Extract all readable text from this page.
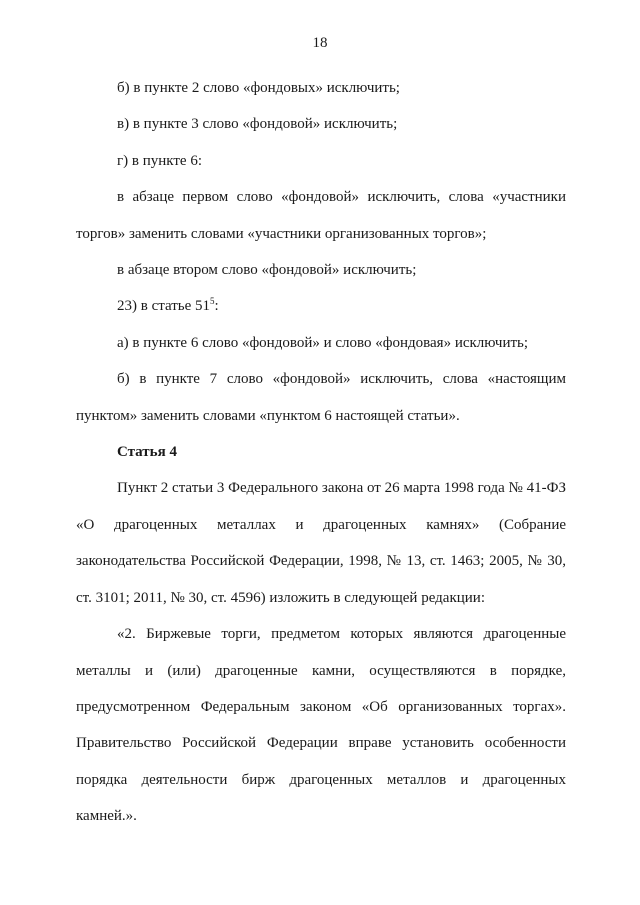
18

б) в пункте 2 слово «фондовых» исключить;

в) в пункте 3 слово «фондовой» исключить;

г) в пункте 6:

в абзаце первом слово «фондовой» исключить, слова «участники торгов» заменить словами «участники организованных торгов»;

в абзаце втором слово «фондовой» исключить;

23) в статье $51^5$:

а) в пункте 6 слово «фондовой» и слово «фондовая» исключить;

б) в пункте 7 слово «фондовой» исключить, слова «настоящим пунктом» заменить словами «пунктом 6 настоящей статьи».

Статья 4

Пункт 2 статьи 3 Федерального закона от 26 марта 1998 года № 41-ФЗ «О драгоценных металлах и драгоценных камнях» (Собрание законодательства Российской Федерации, 1998, № 13, ст. 1463; 2005, № 30, ст. 3101; 2011, № 30, ст. 4596) изложить в следующей редакции:

«2. Биржевые торги, предметом которых являются драгоценные металлы и (или) драгоценные камни, осуществляются в порядке, предусмотренном Федеральным законом «Об организованных торгах». Правительство Российской Федерации вправе установить особенности порядка деятельности бирж драгоценных металлов и драгоценных камней.».
